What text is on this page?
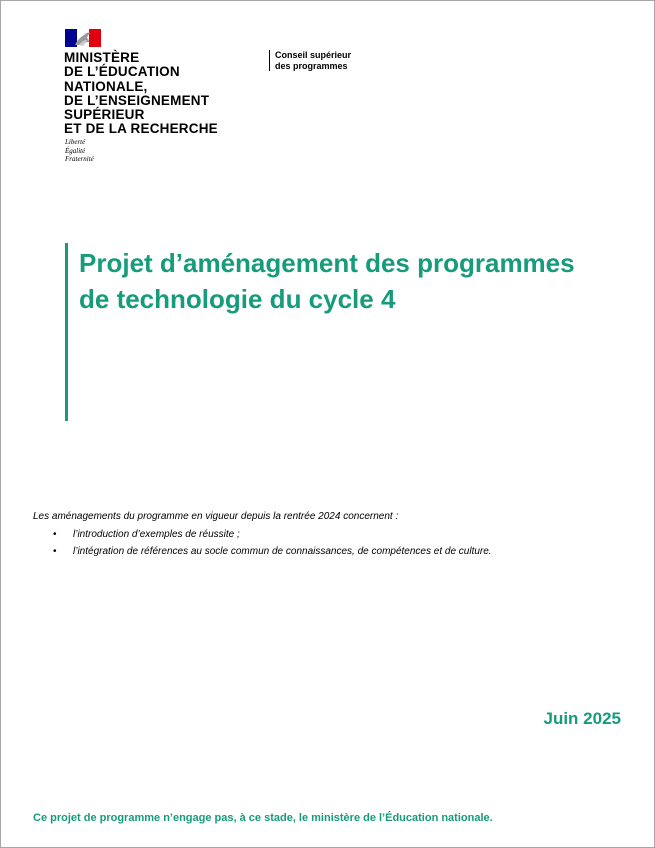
MINISTÈRE
DE L’ÉDUCATION
NATIONALE,
DE L’ENSEIGNEMENT
SUPÉRIEUR
ET DE LA RECHERCHE
Liberté
Égalité
Fraternité
Conseil supérieur
des programmes
Projet d’aménagement des programmes
de technologie du cycle 4

Les aménagements du programme en vigueur depuis la rentrée 2024 concernent :

• l’introduction d’exemples de réussite ;
• l’intégration de références au socle commun de connaissances, de compétences et de culture.
Juin 2025
Ce projet de programme n’engage pas, à ce stade, le ministère de l’Éducation nationale.
